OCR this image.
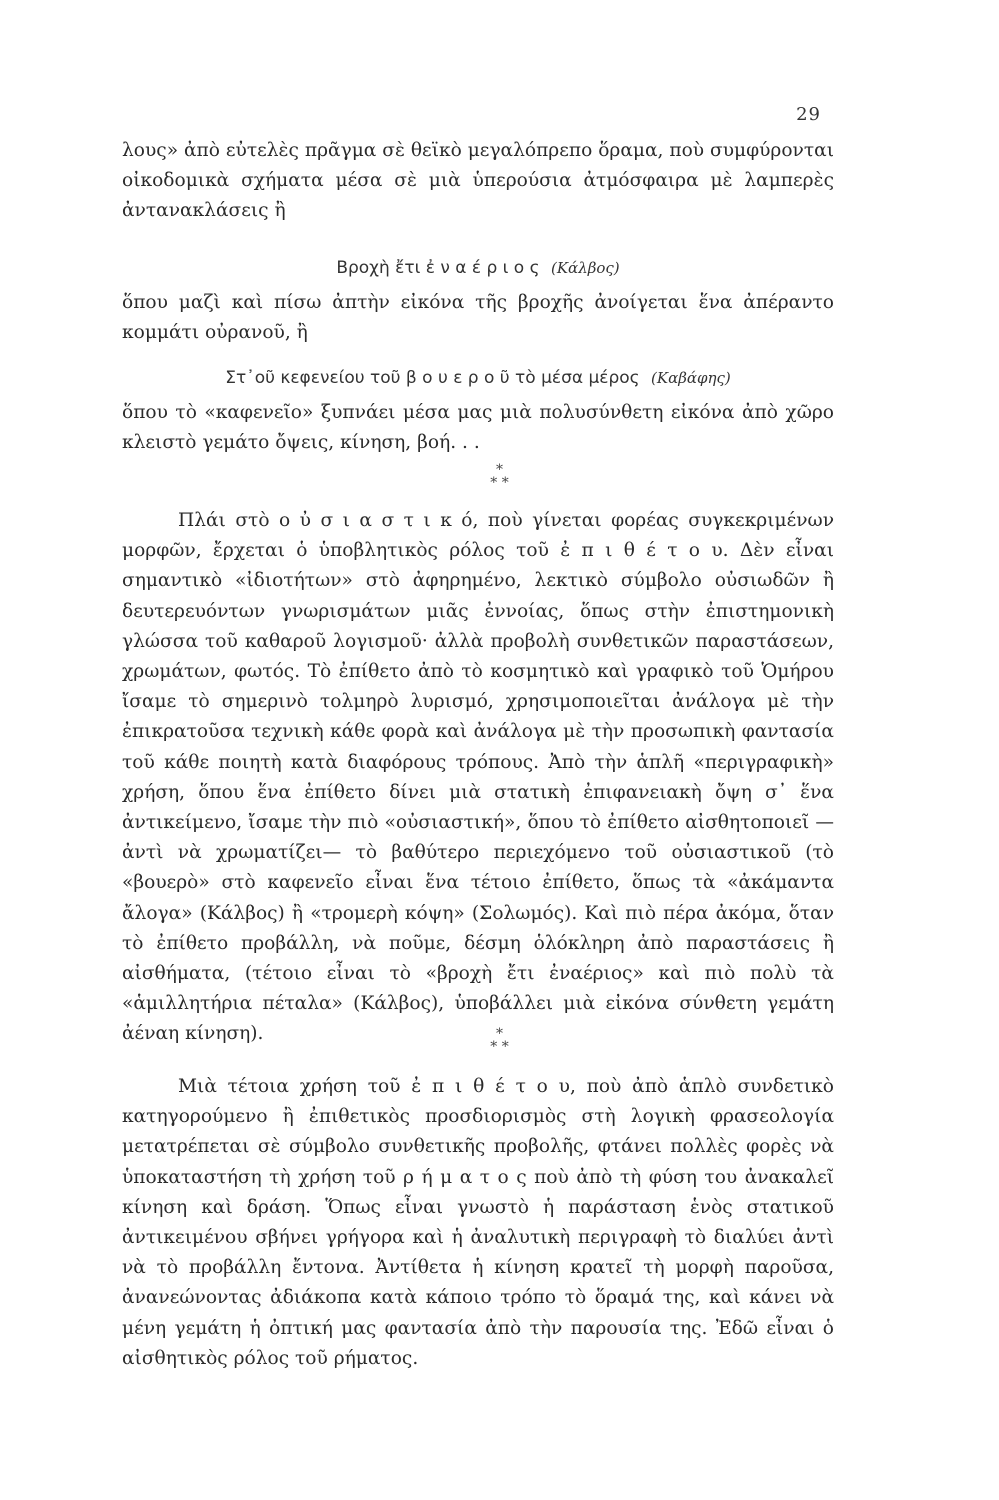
29

λους» ἀπὸ εὐτελὲς πρᾶγμα σὲ θεϊκὸ μεγαλόπρεπο ὅραμα, ποὺ συμφύρονται οἰκοδομικὰ σχήματα μέσα σὲ μιὰ ὑπερούσια ἀτμόσφαιρα μὲ λαμπερὲς ἀντανακλάσεις ἢ

Βροχὴ ἔτι ἐ ν α έ ρ ι ο ς (Κάλβος)

ὅπου μαζὶ καὶ πίσω ἀπτὴν εἰκόνα τῆς βροχῆς ἀνοίγεται ἕνα ἀπέραντο κομμάτι οὐρανοῦ, ἢ

Στ᾽οῦ κεφενείου τοῦ β ο υ ε ρ ο ῦ τὸ μέσα μέρος (Καβάφης)

ὅπου τὸ «καφενεῖο» ξυπνάει μέσα μας μιὰ πολυσύνθετη εἰκόνα ἀπὸ χῶρο κλειστὸ γεμάτο ὄψεις, κίνηση, βοή. . .

*
* *

Πλάι στὸ ο ὐ σ ι α σ τ ι κ ό, ποὺ γίνεται φορέας συγκεκριμένων μορφῶν, ἔρχεται ὁ ὑποβλητικὸς ρόλος τοῦ ἐ π ι θ έ τ ο υ. Δὲν εἶναι σημαντικὸ «ἰδιοτήτων» στὸ ἀφηρημένο, λεκτικὸ σύμβολο οὐσιωδῶν ἢ δευτερευόντων γνωρισμάτων μιᾶς ἐννοίας, ὅπως στὴν ἐπιστημονικὴ γλώσσα τοῦ καθαροῦ λογισμοῦ· ἀλλὰ προβολὴ συνθετικῶν παραστάσεων, χρωμάτων, φωτός. Τὸ ἐπίθετο ἀπὸ τὸ κοσμητικὸ καὶ γραφικὸ τοῦ Ὁμήρου ἴσαμε τὸ σημερινὸ τολμηρὸ λυρισμό, χρησιμοποιεῖται ἀνάλογα μὲ τὴν ἐπικρατοῦσα τεχνικὴ κάθε φορὰ καὶ ἀνάλογα μὲ τὴν προσωπικὴ φαντασία τοῦ κάθε ποιητὴ κατὰ διαφόρους τρόπους. Ἀπὸ τὴν ἁπλῆ «περιγραφικὴ» χρήση, ὅπου ἕνα ἐπίθετο δίνει μιὰ στατικὴ ἐπιφανειακὴ ὄψη σ᾽ ἕνα ἀντικείμενο, ἴσαμε τὴν πιὸ «οὐσιαστική», ὅπου τὸ ἐπίθετο αἰσθητοποιεῖ —ἀντὶ νὰ χρωματίζει— τὸ βαθύτερο περιεχόμενο τοῦ οὐσιαστικοῦ (τὸ «βουερὸ» στὸ καφενεῖο εἶναι ἕνα τέτοιο ἐπίθετο, ὅπως τὰ «ἀκάμαντα ἄλογα» (Κάλβος) ἢ «τρομερὴ κόψη» (Σολωμός). Καὶ πιὸ πέρα ἀκόμα, ὅταν τὸ ἐπίθετο προβάλλη, νὰ ποῦμε, δέσμη ὁλόκληρη ἀπὸ παραστάσεις ἢ αἰσθήματα, (τέτοιο εἶναι τὸ «βροχὴ ἔτι ἐναέριος» καὶ πιὸ πολὺ τὰ «ἁμιλλητήρια πέταλα» (Κάλβος), ὑποβάλλει μιὰ εἰκόνα σύνθετη γεμάτη ἀέναη κίνηση).	*
* *

Μιὰ τέτοια χρήση τοῦ ἐ π ι θ έ τ ο υ, ποὺ ἀπὸ ἁπλὸ συνδετικὸ κατηγορούμενο ἢ ἐπιθετικὸς προσδιορισμὸς στὴ λογικὴ φρασεολογία μετατρέπεται σὲ σύμβολο συνθετικῆς προβολῆς, φτάνει πολλὲς φορὲς νὰ ὑποκαταστήση τὴ χρήση τοῦ ρ ή μ α τ ο ς ποὺ ἀπὸ τὴ φύση του ἀνακαλεῖ κίνηση καὶ δράση. Ὅπως εἶναι γνωστὸ ἡ παράσταση ἑνὸς στατικοῦ ἀντικειμένου σβήνει γρήγορα καὶ ἡ ἀναλυτικὴ περιγραφὴ τὸ διαλύει ἀντὶ νὰ τὸ προβάλλη ἔντονα. Ἀντίθετα ἡ κίνηση κρατεῖ τὴ μορφὴ παροῦσα, ἀνανεώνοντας ἀδιάκοπα κατὰ κάποιο τρόπο τὸ ὅραμά της, καὶ κάνει νὰ μένη γεμάτη ἡ ὀπτική μας φαντασία ἀπὸ τὴν παρουσία της. Ἐδῶ εἶναι ὁ αἰσθητικὸς ρόλος τοῦ ρήματος.
